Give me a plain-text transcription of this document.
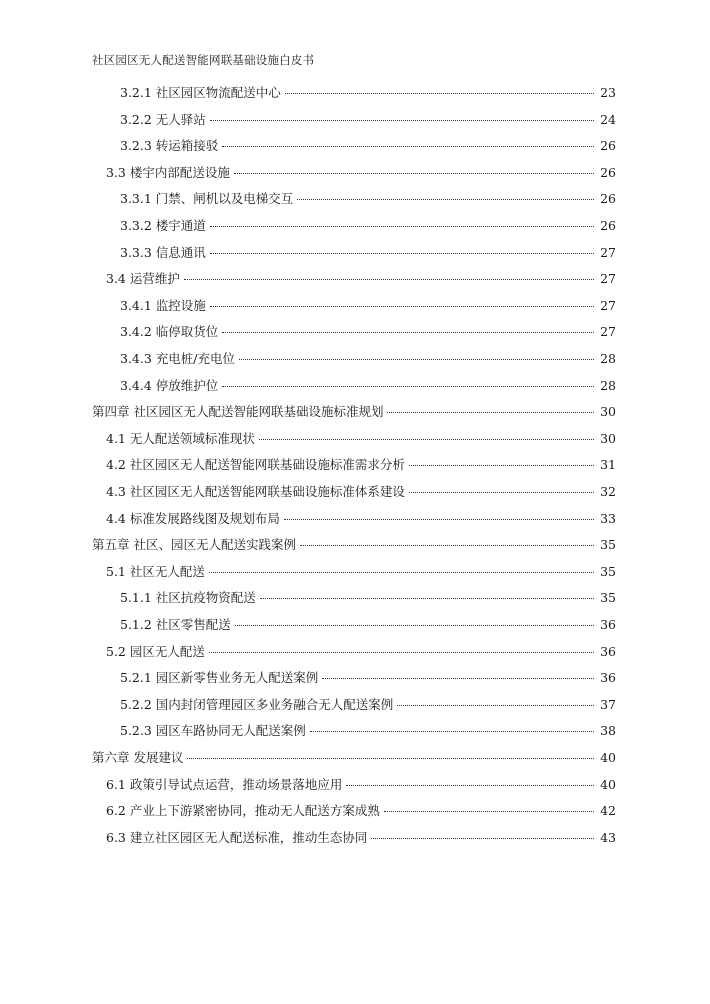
社区园区无人配送智能网联基础设施白皮书
3.2.1 社区园区物流配送中心	23
3.2.2 无人驿站	24
3.2.3 转运箱接驳	26
3.3 楼宇内部配送设施	26
3.3.1 门禁、闸机以及电梯交互	26
3.3.2 楼宇通道	26
3.3.3 信息通讯	27
3.4 运营维护	27
3.4.1 监控设施	27
3.4.2 临停取货位	27
3.4.3 充电桩/充电位	28
3.4.4 停放维护位	28
第四章 社区园区无人配送智能网联基础设施标准规划	30
4.1 无人配送领域标准现状	30
4.2 社区园区无人配送智能网联基础设施标准需求分析	31
4.3 社区园区无人配送智能网联基础设施标准体系建设	32
4.4 标准发展路线图及规划布局	33
第五章 社区、园区无人配送实践案例	35
5.1 社区无人配送	35
5.1.1 社区抗疫物资配送	35
5.1.2 社区零售配送	36
5.2 园区无人配送	36
5.2.1 园区新零售业务无人配送案例	36
5.2.2 国内封闭管理园区多业务融合无人配送案例	37
5.2.3 园区车路协同无人配送案例	38
第六章 发展建议	40
6.1 政策引导试点运营，推动场景落地应用	40
6.2 产业上下游紧密协同，推动无人配送方案成熟	42
6.3 建立社区园区无人配送标准，推动生态协同	43
